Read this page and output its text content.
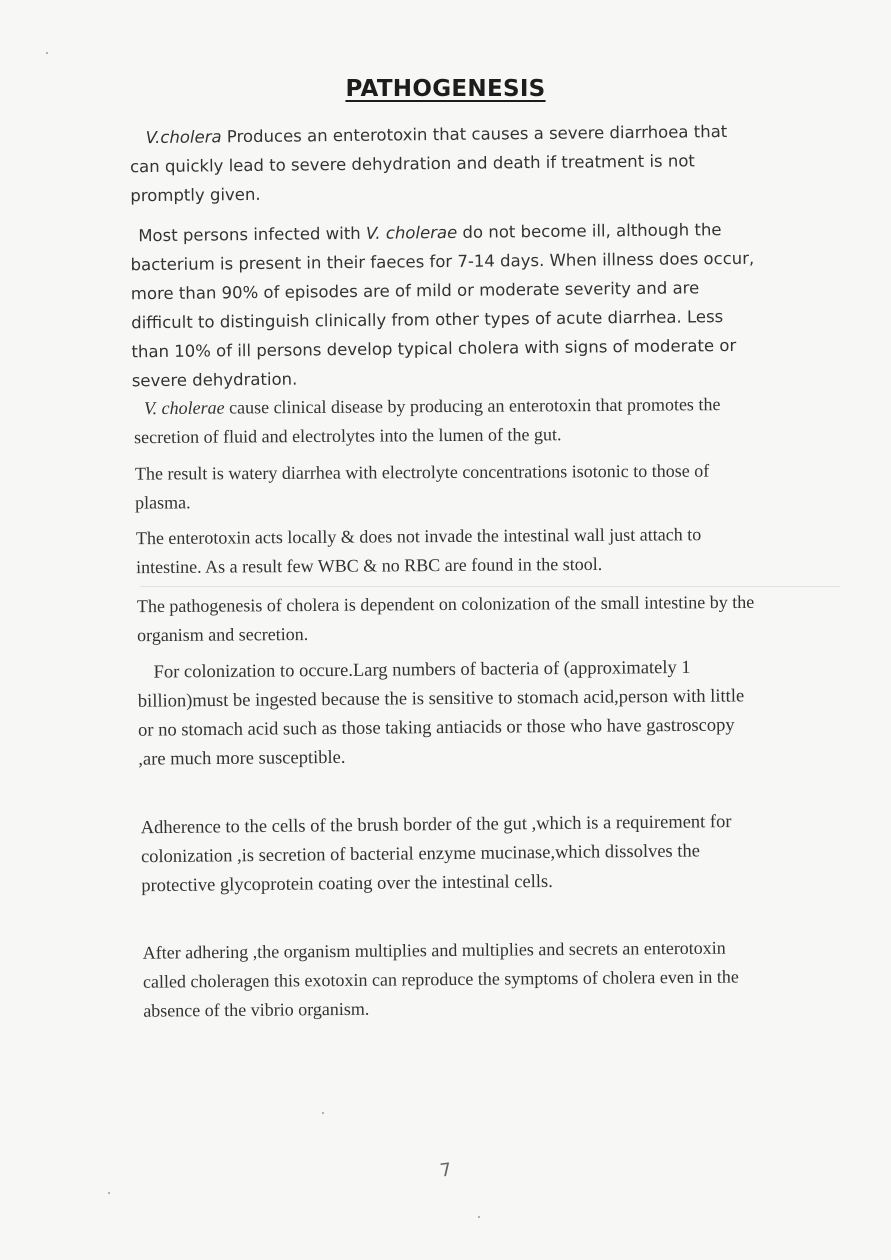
PATHOGENESIS

V.cholera Produces an enterotoxin that causes a severe diarrhoea that can quickly lead to severe dehydration and death if treatment is not promptly given.

Most persons infected with V. cholerae do not become ill, although the bacterium is present in their faeces for 7-14 days. When illness does occur, more than 90% of episodes are of mild or moderate severity and are difficult to distinguish clinically from other types of acute diarrhea. Less than 10% of ill persons develop typical cholera with signs of moderate or severe dehydration.

V. cholerae cause clinical disease by producing an enterotoxin that promotes the secretion of fluid and electrolytes into the lumen of the gut.

The result is watery diarrhea with electrolyte concentrations isotonic to those of plasma.

The enterotoxin acts locally & does not invade the intestinal wall just attach to intestine. As a result few WBC & no RBC are found in the stool.

The pathogenesis of cholera is dependent on colonization of the small intestine by the organism and secretion.

For colonization to occure.Larg numbers of bacteria of (approximately 1 billion)must be ingested because the is sensitive to stomach acid,person with little or no stomach acid such as those taking antiacids or those who have gastroscopy ,are much more susceptible.

Adherence to the cells of the brush border of the gut ,which is a requirement for colonization ,is secretion of bacterial enzyme mucinase,which dissolves the protective glycoprotein coating over the intestinal cells.

After adhering ,the organism multiplies and multiplies and secrets an enterotoxin called choleragen this exotoxin can reproduce the symptoms of cholera even in the absence of the vibrio organism.

7
